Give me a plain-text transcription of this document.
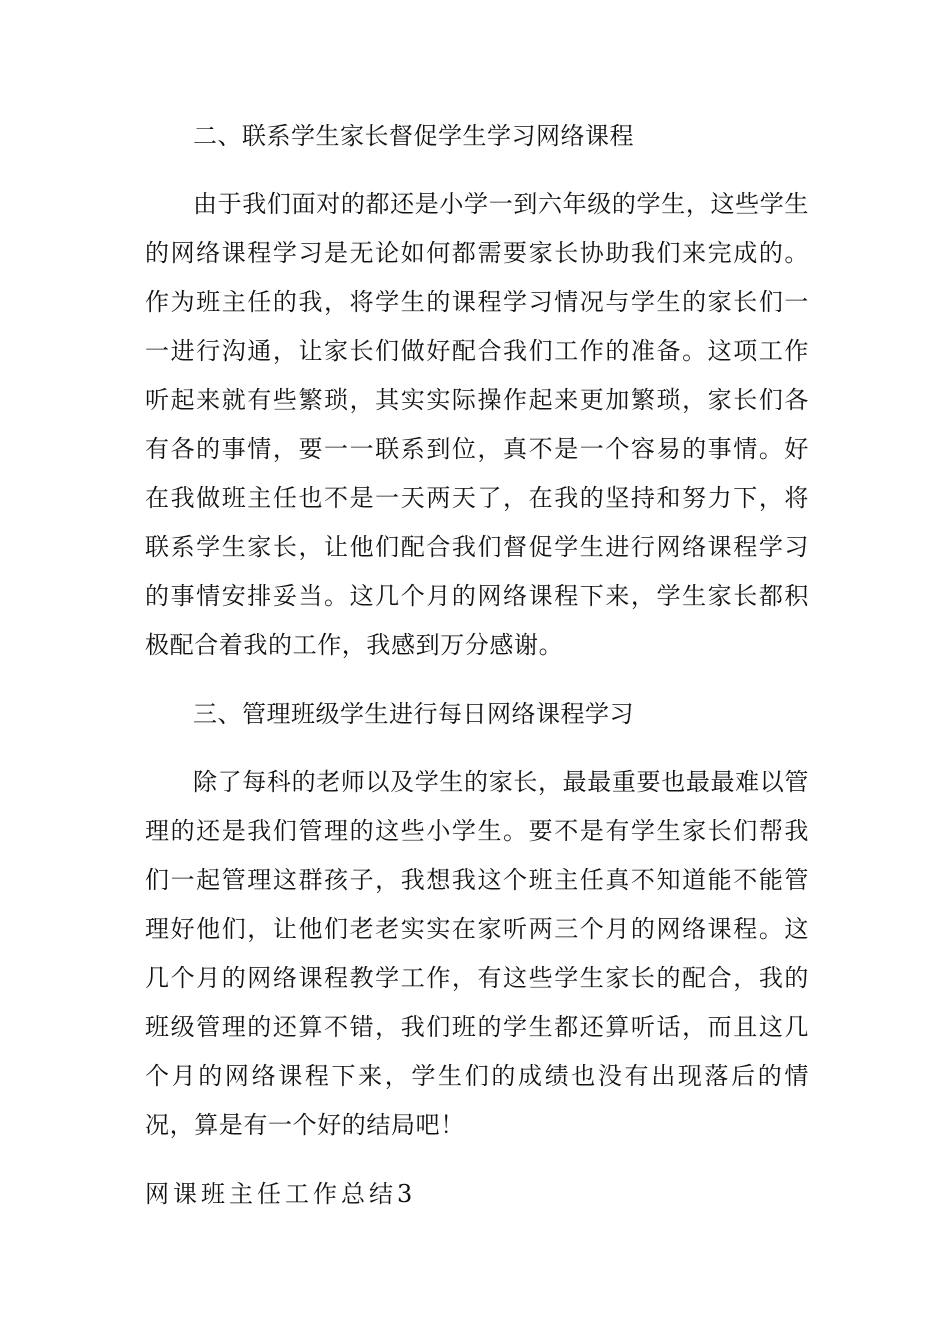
二、联系学生家长督促学生学习网络课程

由于我们面对的都还是小学一到六年级的学生，这些学生的网络课程学习是无论如何都需要家长协助我们来完成的。作为班主任的我，将学生的课程学习情况与学生的家长们一一进行沟通，让家长们做好配合我们工作的准备。这项工作听起来就有些繁琐，其实实际操作起来更加繁琐，家长们各有各的事情，要一一联系到位，真不是一个容易的事情。好在我做班主任也不是一天两天了，在我的坚持和努力下，将联系学生家长，让他们配合我们督促学生进行网络课程学习的事情安排妥当。这几个月的网络课程下来，学生家长都积极配合着我的工作，我感到万分感谢。

三、管理班级学生进行每日网络课程学习

除了每科的老师以及学生的家长，最最重要也最最难以管理的还是我们管理的这些小学生。要不是有学生家长们帮我们一起管理这群孩子，我想我这个班主任真不知道能不能管理好他们，让他们老老实实在家听两三个月的网络课程。这几个月的网络课程教学工作，有这些学生家长的配合，我的班级管理的还算不错，我们班的学生都还算听话，而且这几个月的网络课程下来，学生们的成绩也没有出现落后的情况，算是有一个好的结局吧！

网课班主任工作总结3
